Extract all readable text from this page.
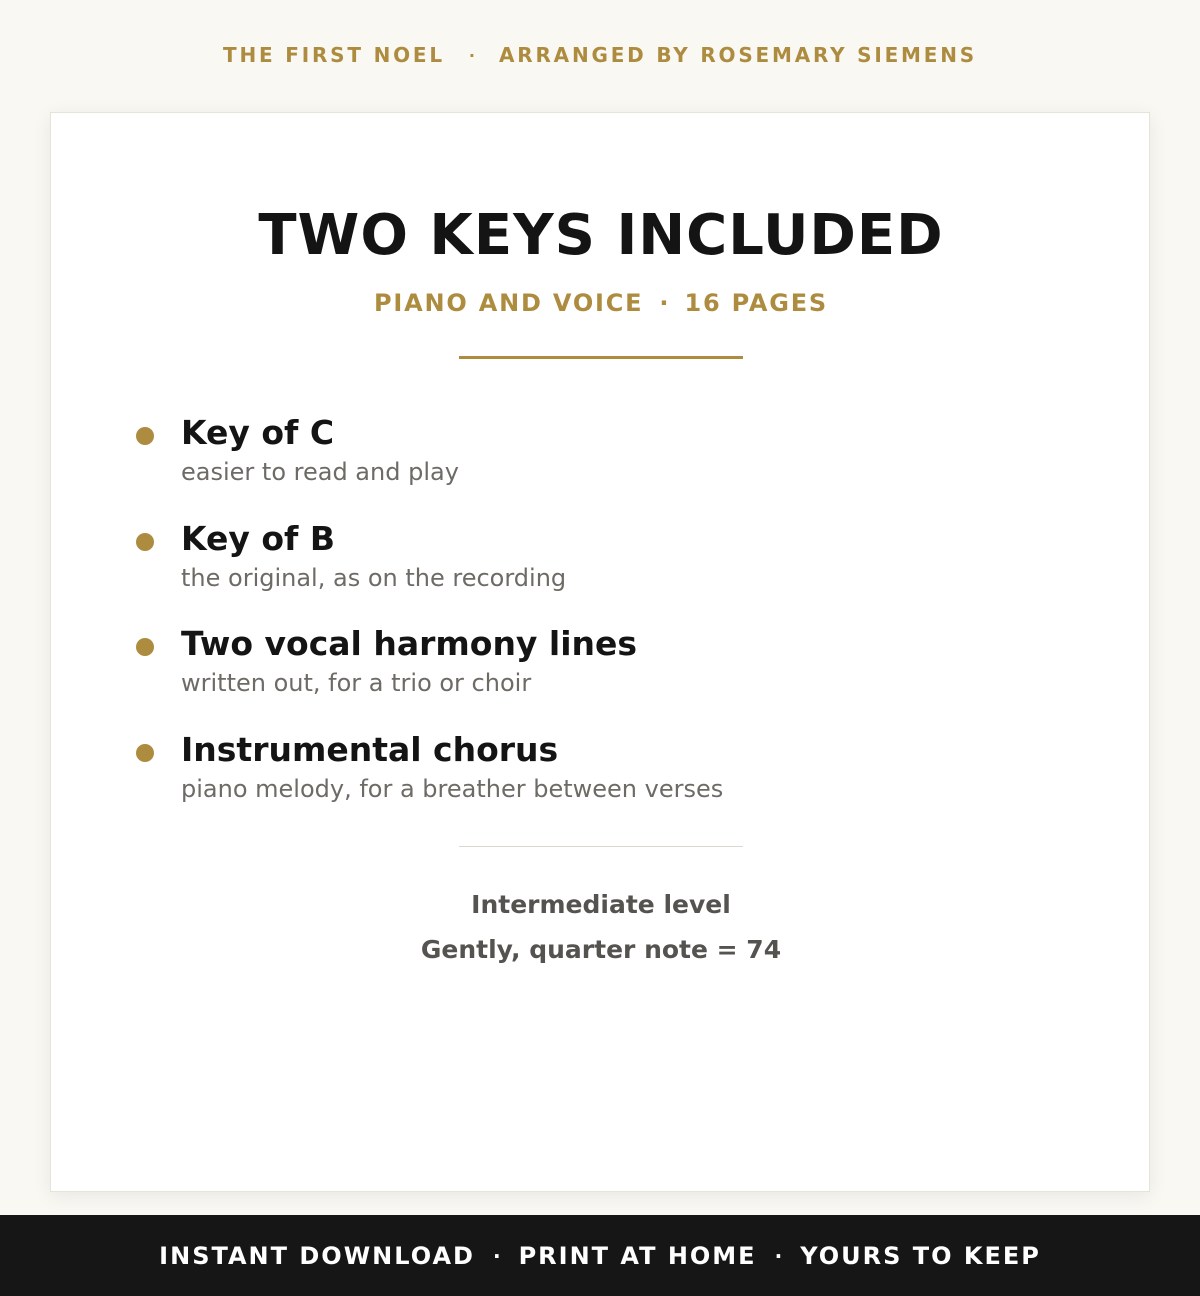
THE FIRST NOEL · ARRANGED BY ROSEMARY SIEMENS
TWO KEYS INCLUDED
PIANO AND VOICE · 16 PAGES
Key of C
easier to read and play
Key of B
the original, as on the recording
Two vocal harmony lines
written out, for a trio or choir
Instrumental chorus
piano melody, for a breather between verses
Intermediate level
Gently, quarter note = 74
INSTANT DOWNLOAD · PRINT AT HOME · YOURS TO KEEP
